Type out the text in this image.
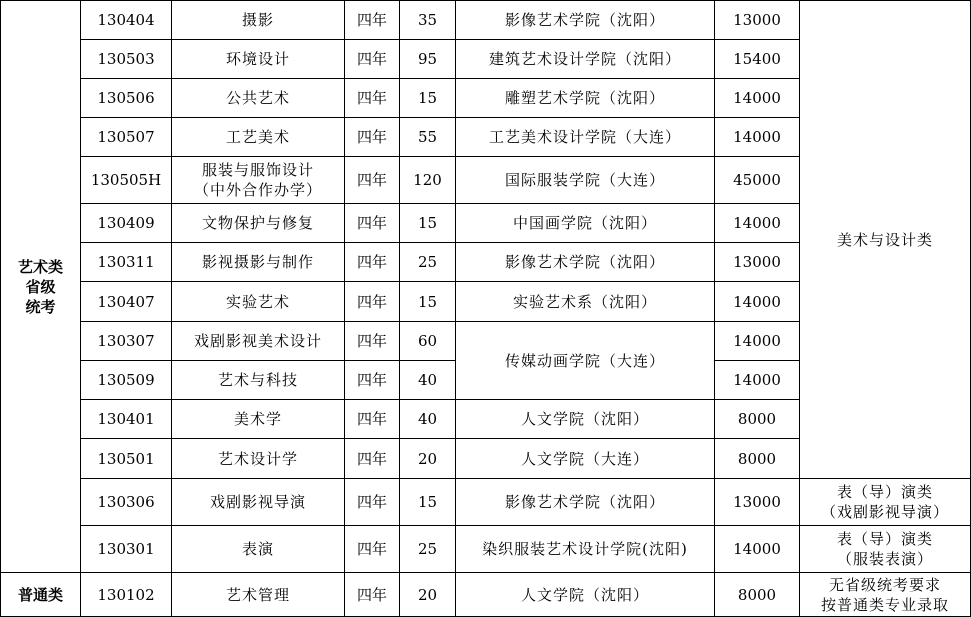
艺术类
省级
统考	130404	摄影	四年	35	影像艺术学院（沈阳）	13000	美术与设计类

	130503	环境设计	四年	95	建筑艺术设计学院（沈阳）	15400	
	130506	公共艺术	四年	15	雕塑艺术学院（沈阳）	14000	
	130507	工艺美术	四年	55	工艺美术设计学院（大连）	14000	
	130505H	服装与服饰设计
（中外合作办学）	四年	120	国际服装学院（大连）	45000	
	130409	文物保护与修复	四年	15	中国画学院（沈阳）	14000	
	130311	影视摄影与制作	四年	25	影像艺术学院（沈阳）	13000	
	130407	实验艺术	四年	15	实验艺术系（沈阳）	14000	
	130307	戏剧影视美术设计	四年	60	传媒动画学院（大连）	14000	
	130509	艺术与科技	四年	40		14000	
	130401	美术学	四年	40	人文学院（沈阳）	8000	
	130501	艺术设计学	四年	20	人文学院（大连）	8000	
	130306	戏剧影视导演	四年	15	影像艺术学院（沈阳）	13000	表（导）演类
（戏剧影视导演）

	130301	表演	四年	25	染织服装艺术设计学院(沈阳)	14000	表（导）演类
（服装表演）

普通类	130102	艺术管理	四年	20	人文学院（沈阳）	8000	无省级统考要求
按普通类专业录取
